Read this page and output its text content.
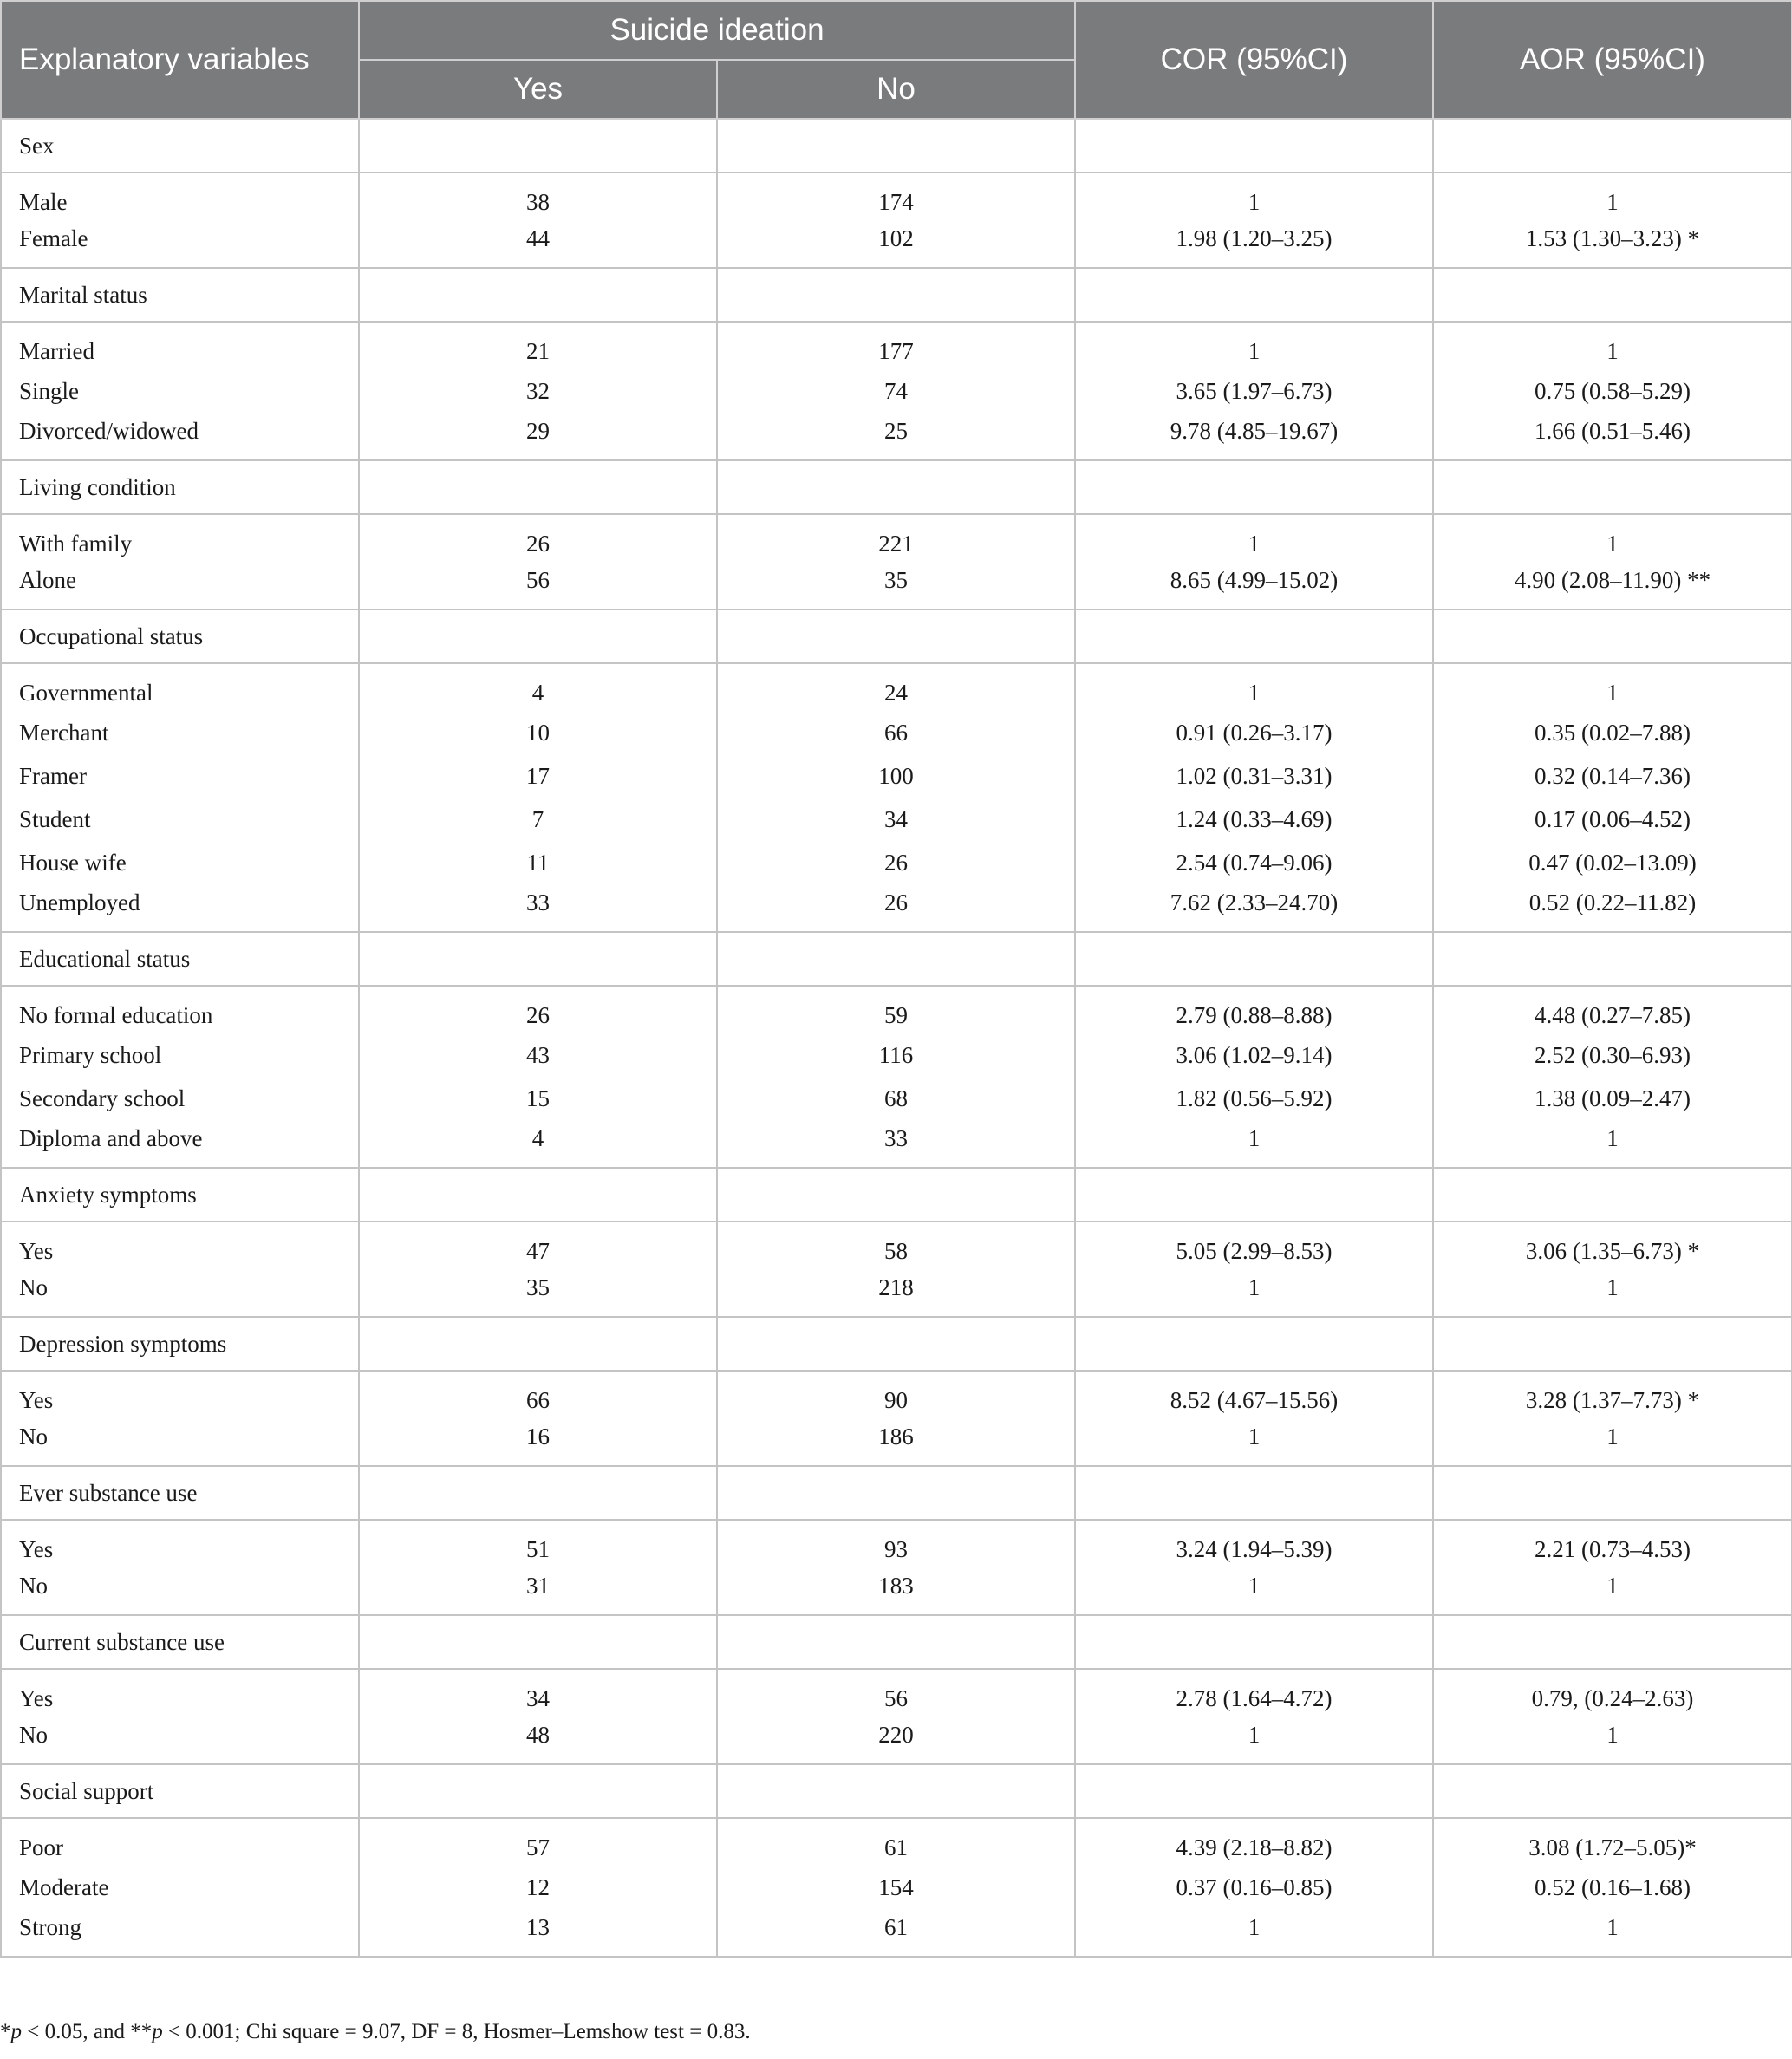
Explanatory variables	Suicide ideation		COR (95%CI)	AOR (95%CI)
	Yes	No		
Sex				
Male	38	174	1	1
Female	44	102	1.98 (1.20–3.25)	1.53 (1.30–3.23) *
Marital status				
Married	21	177	1	1
Single	32	74	3.65 (1.97–6.73)	0.75 (0.58–5.29)
Divorced/widowed	29	25	9.78 (4.85–19.67)	1.66 (0.51–5.46)
Living condition				
With family	26	221	1	1
Alone	56	35	8.65 (4.99–15.02)	4.90 (2.08–11.90) **
Occupational status				
Governmental	4	24	1	1
Merchant	10	66	0.91 (0.26–3.17)	0.35 (0.02–7.88)
Framer	17	100	1.02 (0.31–3.31)	0.32 (0.14–7.36)
Student	7	34	1.24 (0.33–4.69)	0.17 (0.06–4.52)
House wife	11	26	2.54 (0.74–9.06)	0.47 (0.02–13.09)
Unemployed	33	26	7.62 (2.33–24.70)	0.52 (0.22–11.82)
Educational status				
No formal education	26	59	2.79 (0.88–8.88)	4.48 (0.27–7.85)
Primary school	43	116	3.06 (1.02–9.14)	2.52 (0.30–6.93)
Secondary school	15	68	1.82 (0.56–5.92)	1.38 (0.09–2.47)
Diploma and above	4	33	1	1
Anxiety symptoms				
Yes	47	58	5.05 (2.99–8.53)	3.06 (1.35–6.73) *
No	35	218	1	1
Depression symptoms				
Yes	66	90	8.52 (4.67–15.56)	3.28 (1.37–7.73) *
No	16	186	1	1
Ever substance use				
Yes	51	93	3.24 (1.94–5.39)	2.21 (0.73–4.53)
No	31	183	1	1
Current substance use				
Yes	34	56	2.78 (1.64–4.72)	0.79, (0.24–2.63)
No	48	220	1	1
Social support				
Poor	57	61	4.39 (2.18–8.82)	3.08 (1.72–5.05)*
Moderate	12	154	0.37 (0.16–0.85)	0.52 (0.16–1.68)
Strong	13	61	1	1

*p < 0.05, and **p < 0.001; Chi square = 9.07, DF = 8, Hosmer–Lemshow test = 0.83.
